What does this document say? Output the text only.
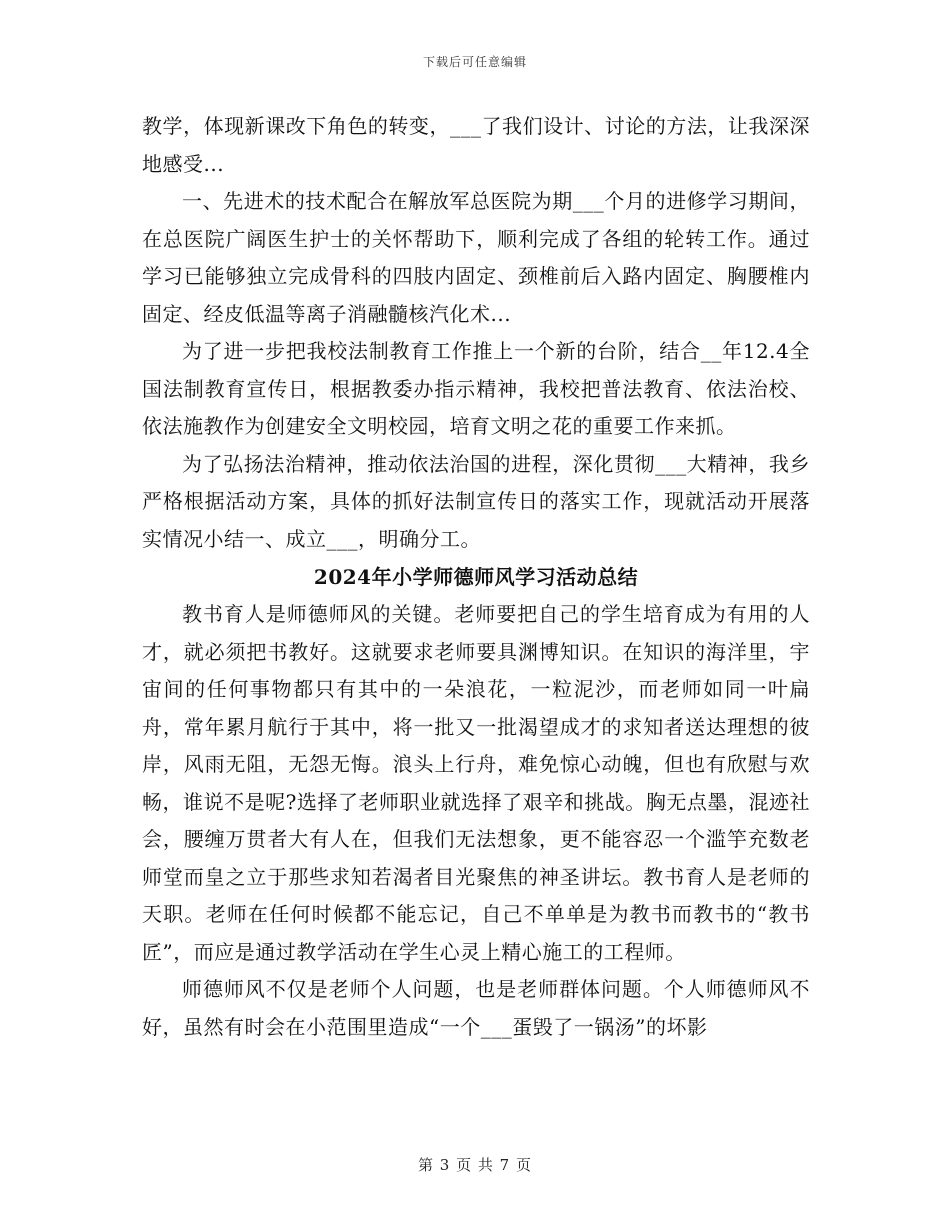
下载后可任意编辑

教学，体现新课改下角色的转变，___了我们设计、讨论的方法，让我深深地感受...

一、先进术的技术配合在解放军总医院为期___个月的进修学习期间，在总医院广阔医生护士的关怀帮助下，顺利完成了各组的轮转工作。通过学习已能够独立完成骨科的四肢内固定、颈椎前后入路内固定、胸腰椎内固定、经皮低温等离子消融髓核汽化术...

为了进一步把我校法制教育工作推上一个新的台阶，结合__年12.4全国法制教育宣传日，根据教委办指示精神，我校把普法教育、依法治校、依法施教作为创建安全文明校园，培育文明之花的重要工作来抓。

为了弘扬法治精神，推动依法治国的进程，深化贯彻___大精神，我乡严格根据活动方案，具体的抓好法制宣传日的落实工作，现就活动开展落实情况小结一、成立___，明确分工。

2024年小学师德师风学习活动总结

教书育人是师德师风的关键。老师要把自己的学生培育成为有用的人才，就必须把书教好。这就要求老师要具渊博知识。在知识的海洋里，宇宙间的任何事物都只有其中的一朵浪花，一粒泥沙，而老师如同一叶扁舟，常年累月航行于其中，将一批又一批渴望成才的求知者送达理想的彼岸，风雨无阻，无怨无悔。浪头上行舟，难免惊心动魄，但也有欣慰与欢畅，谁说不是呢?选择了老师职业就选择了艰辛和挑战。胸无点墨，混迹社会，腰缠万贯者大有人在，但我们无法想象，更不能容忍一个滥竽充数老师堂而皇之立于那些求知若渴者目光聚焦的神圣讲坛。教书育人是老师的天职。老师在任何时候都不能忘记，自己不单单是为教书而教书的“教书匠”，而应是通过教学活动在学生心灵上精心施工的工程师。

师德师风不仅是老师个人问题，也是老师群体问题。个人师德师风不好，虽然有时会在小范围里造成“一个___蛋毁了一锅汤”的坏影

第 3 页 共 7 页
